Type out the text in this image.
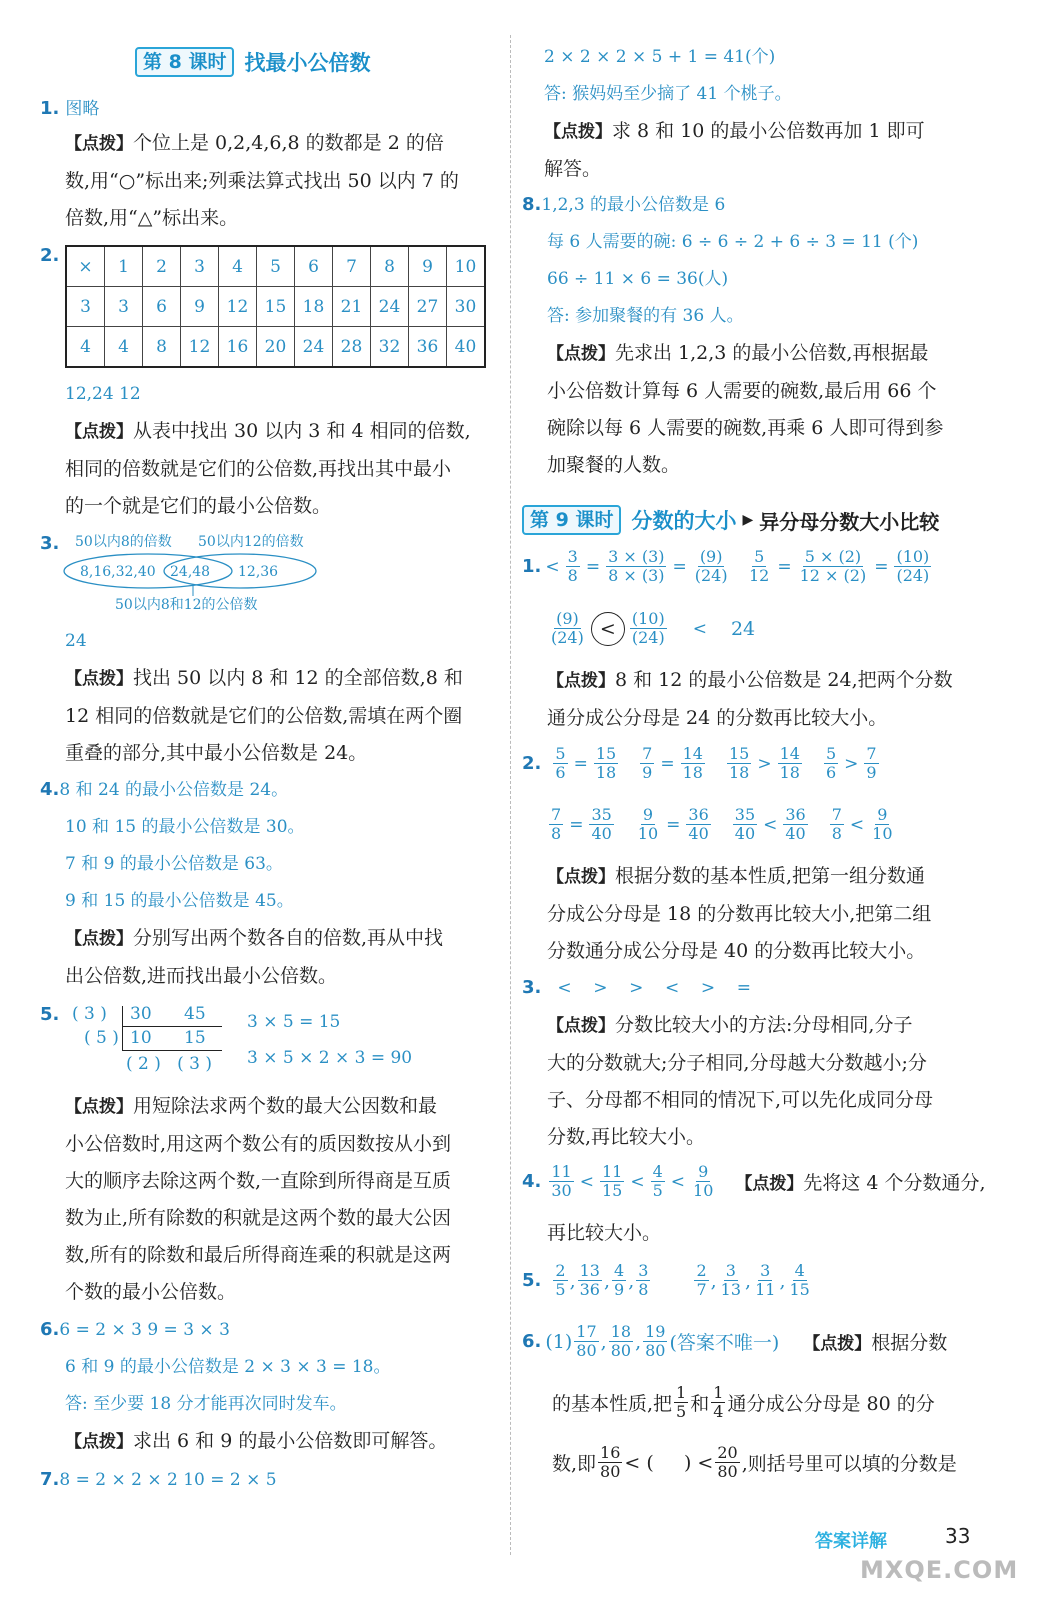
第 8 课时 找最小公倍数
1. 图略
【点拨】个位上是 0,2,4,6,8 的数都是 2 的倍
数,用“○”标出来;列乘法算式找出 50 以内 7 的
倍数,用“△”标出来。
2.
×	1	2	3	4	5	6	7	8	9	10
3	3	6	9	12	15	18	21	24	27	30
4	4	8	12	16	20	24	28	32	36	40
12,24 12
【点拨】从表中找出 30 以内 3 和 4 相同的倍数,
相同的倍数就是它们的公倍数,再找出其中最小
的一个就是它们的最小公倍数。
3. 50以内8的倍数 50以内12的倍数
8,16,32,40 24,48 12,36
50以内8和12的公倍数
24
【点拨】找出 50 以内 8 和 12 的全部倍数,8 和
12 相同的倍数就是它们的公倍数,需填在两个圈
重叠的部分,其中最小公倍数是 24。
4.8 和 24 的最小公倍数是 24。
10 和 15 的最小公倍数是 30。
7 和 9 的最小公倍数是 63。
9 和 15 的最小公倍数是 45。
【点拨】分别写出两个数各自的倍数,再从中找
出公倍数,进而找出最小公倍数。
5. ( 3 )
( 5 )
30      45
10      15
( 2 )   ( 3 )
3 × 5 = 15
3 × 5 × 2 × 3 = 90
【点拨】用短除法求两个数的最大公因数和最
小公倍数时,用这两个数公有的质因数按从小到
大的顺序去除这两个数,一直除到所得商是互质
数为止,所有除数的积就是这两个数的最大公因
数,所有的除数和最后所得商连乘的积就是这两
个数的最小公倍数。
6.6 = 2 × 3 9 = 3 × 3
6 和 9 的最小公倍数是 2 × 3 × 3 = 18。
答: 至少要 18 分才能再次同时发车。
【点拨】求出 6 和 9 的最小公倍数即可解答。
7.8 = 2 × 2 × 2 10 = 2 × 5
2 × 2 × 2 × 5 + 1 = 41(个)
答: 猴妈妈至少摘了 41 个桃子。
【点拨】求 8 和 10 的最小公倍数再加 1 即可
解答。
8.1,2,3 的最小公倍数是 6
每 6 人需要的碗: 6 ÷ 6 ÷ 2 + 6 ÷ 3 = 11 (个)
66 ÷ 11 × 6 = 36(人)
答: 参加聚餐的有 36 人。
【点拨】先求出 1,2,3 的最小公倍数,再根据最
小公倍数计算每 6 人需要的碗数,最后用 66 个
碗除以每 6 人需要的碗数,再乘 6 人即可得到参
加聚餐的人数。
第 9 课时 分数的大小 ▶ 异分母分数大小比较
1. < $\frac{3}{8} = \frac{3 \times (3)}{8 \times (3)} = \frac{(9)}{(24)}$
$\frac{5}{12} = \frac{5 \times (2)}{12 \times (2)} = \frac{(10)}{(24)}$
$\frac{(9)}{(24)} < \frac{(10)}{(24)} < 24$
【点拨】8 和 12 的最小公倍数是 24,把两个分数
通分成公分母是 24 的分数再比较大小。
2. $\frac{5}{6} = \frac{15}{18} \frac{7}{9} = \frac{14}{18} \frac{15}{18} > \frac{14}{18} \frac{5}{6} > \frac{7}{9}$
$\frac{7}{8} = \frac{35}{40} \frac{9}{10} = \frac{36}{40} \frac{35}{40} < \frac{36}{40} \frac{7}{8} < \frac{9}{10}$
【点拨】根据分数的基本性质,把第一组分数通
分成公分母是 18 的分数再比较大小,把第二组
分数通分成公分母是 40 的分数再比较大小。
3. <    >    >    <    >    =
【点拨】分数比较大小的方法:分母相同,分子
大的分数就大;分子相同,分母越大分数越小;分
子、分母都不相同的情况下,可以先化成同分母
分数,再比较大小。
4. $\frac{11}{30} < \frac{11}{15} < \frac{4}{5} < \frac{9}{10}$ 【点拨】先将这 4 个分数通分,
再比较大小。
5. $\frac{2}{5}$ , $\frac{13}{36}$ , $\frac{4}{9}$ , $\frac{3}{8}$	$\frac{2}{7}$ , $\frac{3}{13}$ , $\frac{3}{11}$ , $\frac{4}{15}$
6. $(1) \frac{17}{80}$ , $\frac{18}{80}$ , $\frac{19}{80}$ (答案不唯一) 【点拨】根据分数
的基本性质,把 $\frac{1}{5}$ 和 $\frac{1}{4}$ 通分成公分母是 80 的分
数,即 $\frac{16}{80}$ < (     ) < $\frac{20}{80}$ ,则括号里可以填的分数是
答案详解	33
MXQE.COM
